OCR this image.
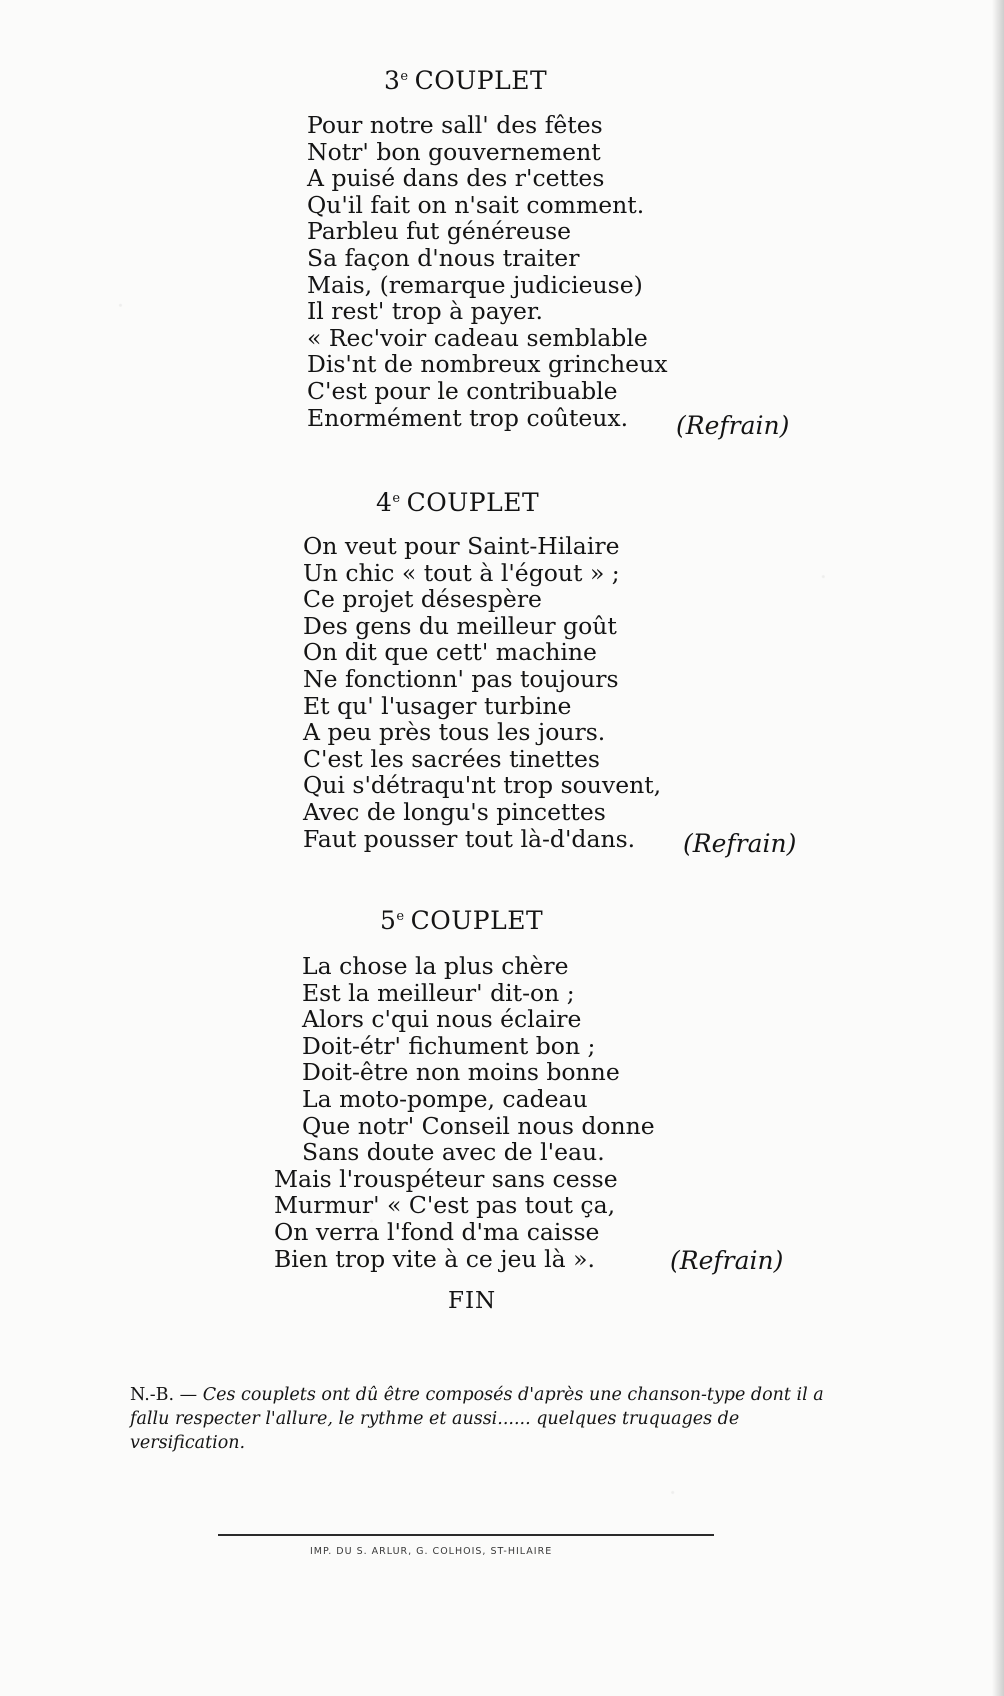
3e COUPLET
Pour notre sall' des fêtes
Notr' bon gouvernement
A puisé dans des r'cettes
Qu'il fait on n'sait comment.
Parbleu fut généreuse
Sa façon d'nous traiter
Mais, (remarque judicieuse)
Il rest' trop à payer.
« Rec'voir cadeau semblable
Dis'nt de nombreux grincheux
C'est pour le contribuable
Enormément trop coûteux.	(Refrain)
4e COUPLET
On veut pour Saint-Hilaire
Un chic « tout à l'égout » ;
Ce projet désespère
Des gens du meilleur goût
On dit que cett' machine
Ne fonctionn' pas toujours
Et qu' l'usager turbine
A peu près tous les jours.
C'est les sacrées tinettes
Qui s'détraqu'nt trop souvent,
Avec de longu's pincettes
Faut pousser tout là-d'dans.	(Refrain)
5e COUPLET
La chose la plus chère
Est la meilleur' dit-on ;
Alors c'qui nous éclaire
Doit-étr' fichument bon ;
Doit-être non moins bonne
La moto-pompe, cadeau
Que notr' Conseil nous donne
Sans doute avec de l'eau.
Mais l'rouspéteur sans cesse
Murmur' « C'est pas tout ça,
On verra l'fond d'ma caisse
Bien trop vite à ce jeu là ».	(Refrain)
FIN
N.-B. — Ces couplets ont dû être composés d'après une chanson-type dont il a fallu respecter l'allure, le rythme et aussi...... quelques truquages de versification.
IMP. DU S. ARLUR, G. COLHOIS, ST-HILAIRE
